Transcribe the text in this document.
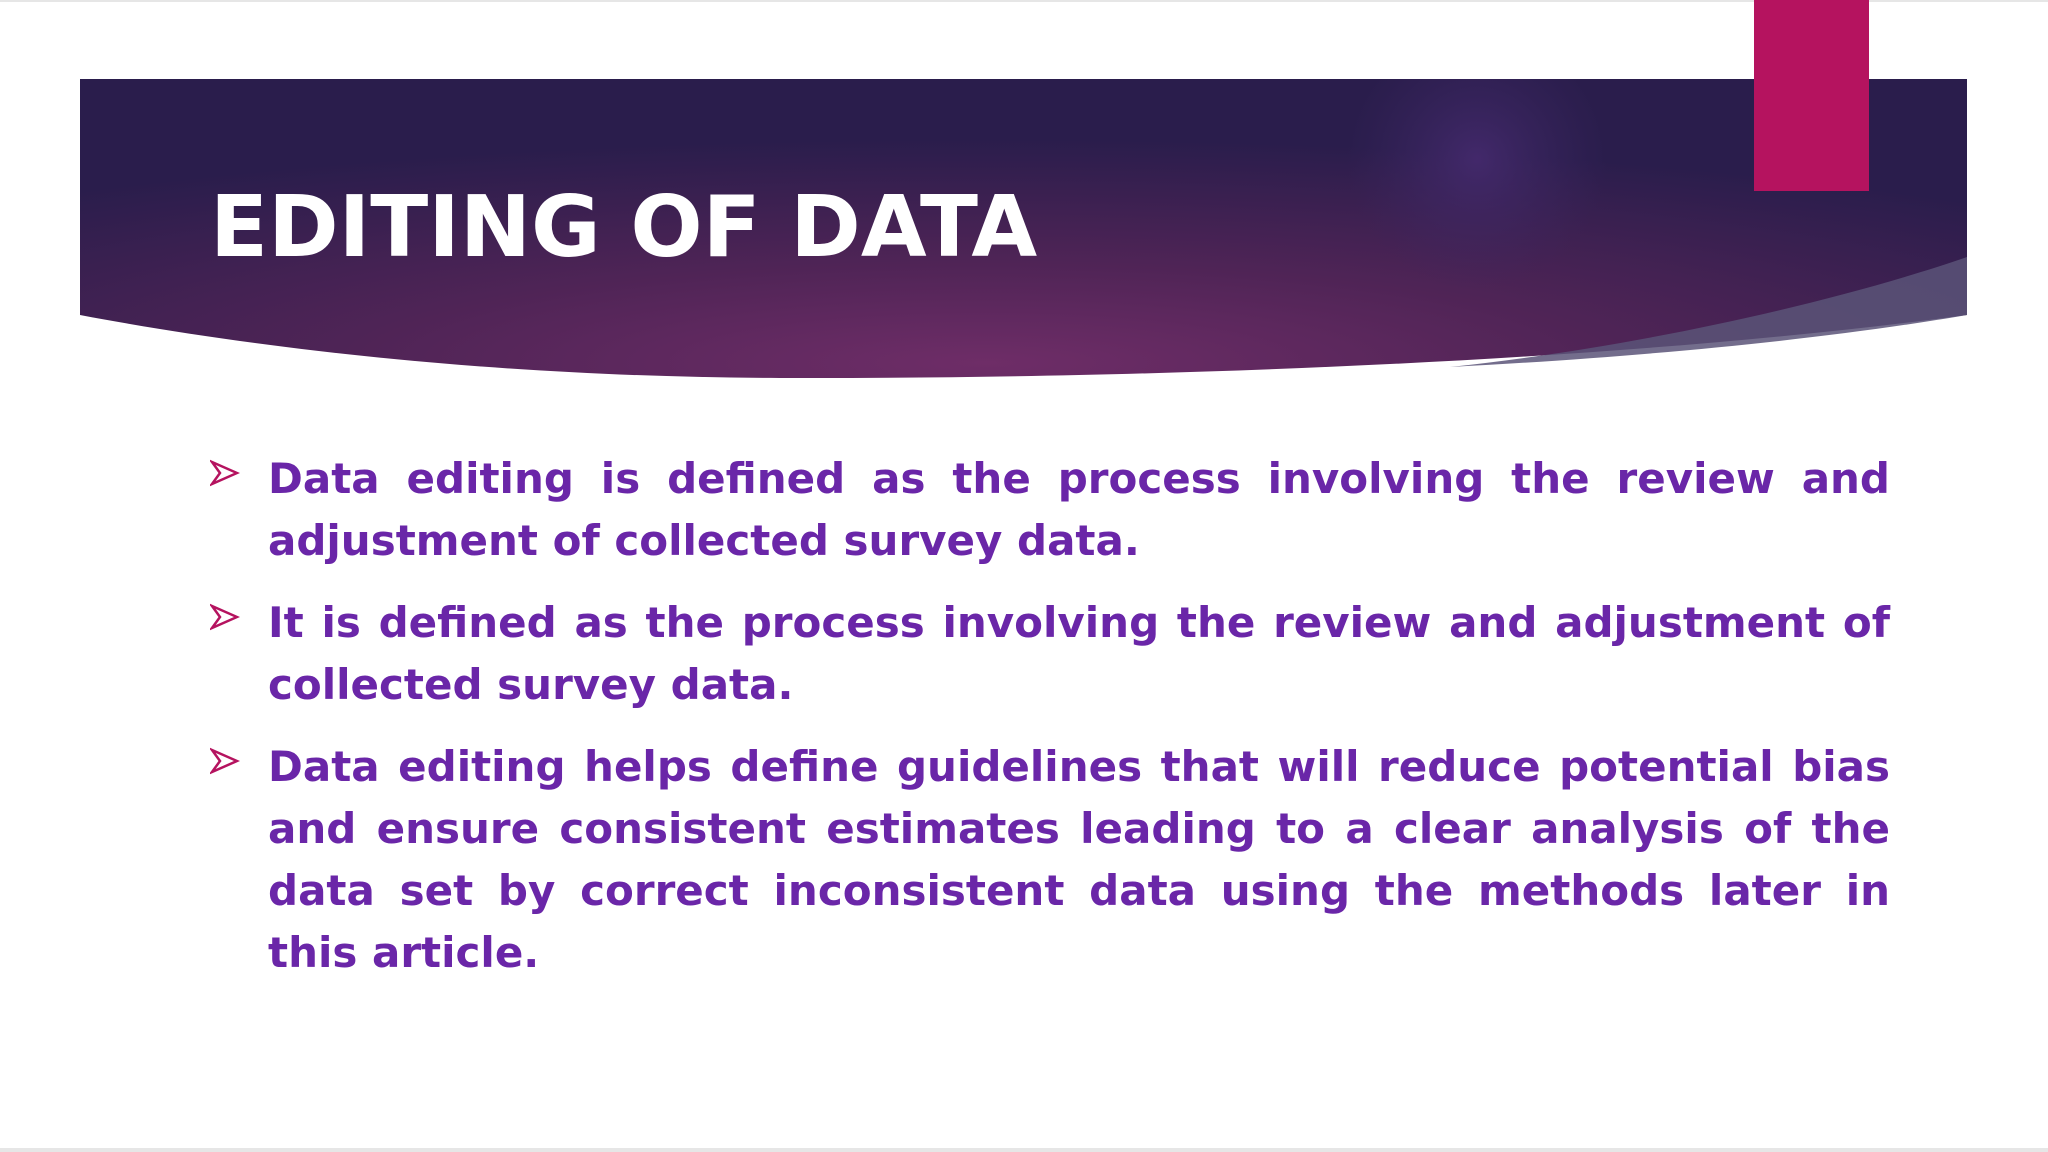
EDITING OF DATA
Data editing is defined as the process involving the review and adjustment of collected survey data.
It is defined as the process involving the review and adjustment of collected survey data.
Data editing helps define guidelines that will reduce potential bias and ensure consistent estimates leading to a clear analysis of the data set by correct inconsistent data using the methods later in this article.
